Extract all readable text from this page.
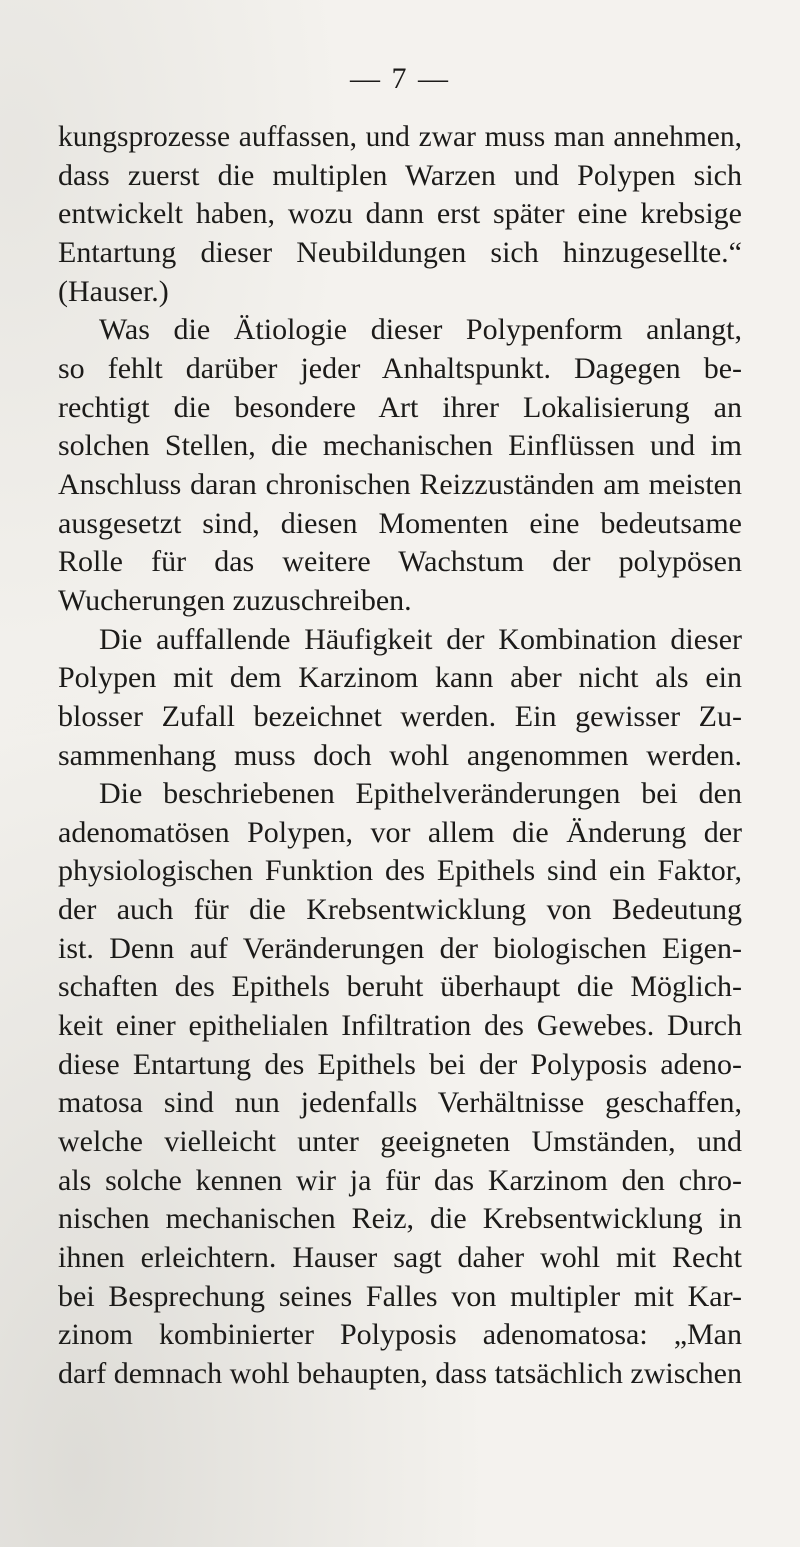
— 7 —
kungsprozesse auffassen, und zwar muss man annehmen,
dass zuerst die multiplen Warzen und Polypen sich
entwickelt haben, wozu dann erst später eine krebsige
Entartung dieser Neubildungen sich hinzugesellte.“
(Hauser.)
Was die Ätiologie dieser Polypenform anlangt,
so fehlt darüber jeder Anhaltspunkt. Dagegen be-
rechtigt die besondere Art ihrer Lokalisierung an
solchen Stellen, die mechanischen Einflüssen und im
Anschluss daran chronischen Reizzuständen am meisten
ausgesetzt sind, diesen Momenten eine bedeutsame
Rolle für das weitere Wachstum der polypösen
Wucherungen zuzuschreiben.
Die auffallende Häufigkeit der Kombination dieser
Polypen mit dem Karzinom kann aber nicht als ein
blosser Zufall bezeichnet werden. Ein gewisser Zu-
sammenhang muss doch wohl angenommen werden.
Die beschriebenen Epithelveränderungen bei den
adenomatösen Polypen, vor allem die Änderung der
physiologischen Funktion des Epithels sind ein Faktor,
der auch für die Krebsentwicklung von Bedeutung
ist. Denn auf Veränderungen der biologischen Eigen-
schaften des Epithels beruht überhaupt die Möglich-
keit einer epithelialen Infiltration des Gewebes. Durch
diese Entartung des Epithels bei der Polyposis adeno-
matosa sind nun jedenfalls Verhältnisse geschaffen,
welche vielleicht unter geeigneten Umständen, und
als solche kennen wir ja für das Karzinom den chro-
nischen mechanischen Reiz, die Krebsentwicklung in
ihnen erleichtern. Hauser sagt daher wohl mit Recht
bei Besprechung seines Falles von multipler mit Kar-
zinom kombinierter Polyposis adenomatosa: „Man
darf demnach wohl behaupten, dass tatsächlich zwischen
